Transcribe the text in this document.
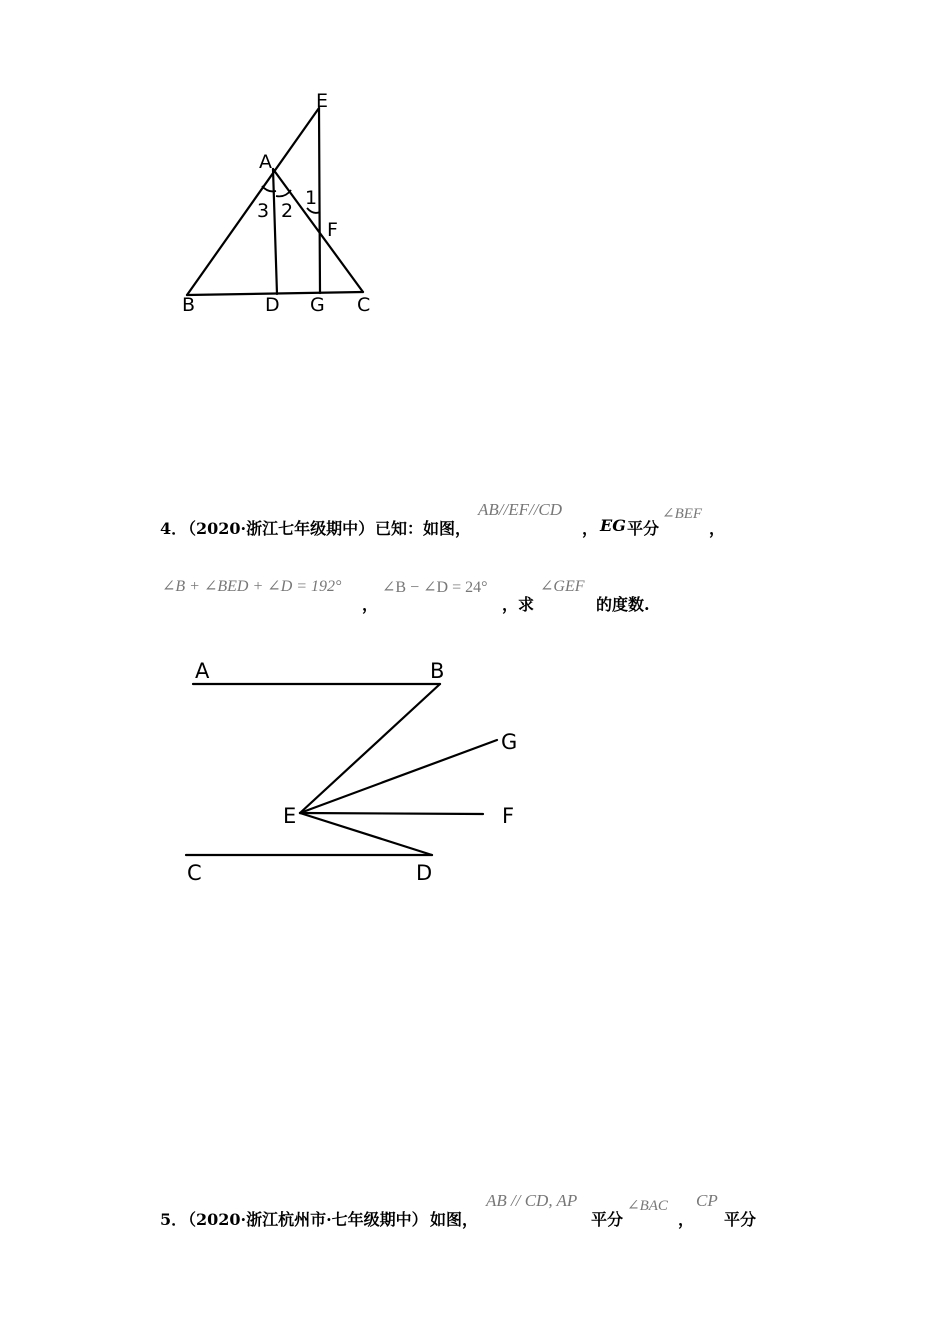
E
A
3 2
1
F
B	D G C
4．
（2020·浙江七年级期中） 已知：如图，
AB//EF//CD
， EG 平分
∠BEF
，
∠B + ∠BED + ∠D = 192°
，
∠B − ∠D = 24°
，求
∠GEF
的度数.
A	B
G
E	F
C	D
5．
（2020·浙江杭州市·七年级期中） 如图，
AB // CD, AP
平分
∠BAC
，
CP
平分
